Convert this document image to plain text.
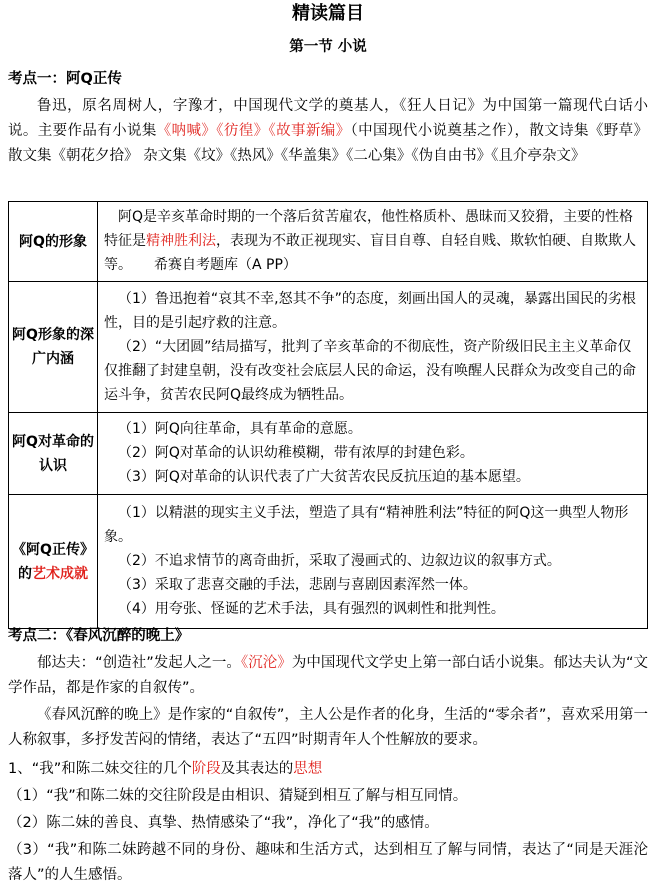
精读篇目
第一节 小说
考点一：阿Q正传
鲁迅，原名周树人，字豫才，中国现代文学的奠基人，《狂人日记》为中国第一篇现代白话小说。主要作品有小说集《呐喊》《彷徨》《故事新编》（中国现代小说奠基之作），散文诗集《野草》 散文集《朝花夕拾》 杂文集《坟》《热风》《华盖集》《二心集》《伪自由书》《且介亭杂文》
阿Q的形象	阿Q是辛亥革命时期的一个落后贫苦雇农，他性格质朴、愚昧而又狡猾，主要的性格特征是精神胜利法，表现为不敢正视现实、盲目自尊、自轻自贱、欺软怕硬、自欺欺人等。 希赛自考题库（A PP）

阿Q形象的深广内涵	（1）鲁迅抱着“哀其不幸,怒其不争”的态度，刻画出国人的灵魂，暴露出国民的劣根性，目的是引起疗救的注意。
（2）“大团圆”结局描写，批判了辛亥革命的不彻底性，资产阶级旧民主主义革命仅仅推翻了封建皇朝，没有改变社会底层人民的命运，没有唤醒人民群众为改变自己的命运斗争，贫苦农民阿Q最终成为牺牲品。

阿Q对革命的认识	（1）阿Q向往革命，具有革命的意愿。
（2）阿Q对革命的认识幼稚模糊，带有浓厚的封建色彩。
（3）阿Q对革命的认识代表了广大贫苦农民反抗压迫的基本愿望。

《阿Q正传》的艺术成就	（1）以精湛的现实主义手法，塑造了具有“精神胜利法”特征的阿Q这一典型人物形象。
（2）不追求情节的离奇曲折，采取了漫画式的、边叙边议的叙事方式。
（3）采取了悲喜交融的手法，悲剧与喜剧因素浑然一体。
（4）用夸张、怪诞的艺术手法，具有强烈的讽刺性和批判性。
考点二：《春风沉醉的晚上》
郁达夫：“创造社”发起人之一。《沉沦》为中国现代文学史上第一部白话小说集。郁达夫认为“文学作品，都是作家的自叙传”。
《春风沉醉的晚上》是作家的“自叙传”，主人公是作者的化身，生活的“零余者”，喜欢采用第一人称叙事，多抒发苦闷的情绪，表达了“五四”时期青年人个性解放的要求。
1、“我”和陈二妹交往的几个阶段及其表达的思想
（1）“我”和陈二妹的交往阶段是由相识、猜疑到相互了解与相互同情。
（2）陈二妹的善良、真挚、热情感染了“我”，净化了“我”的感情。
（3）“我”和陈二妹跨越不同的身份、趣味和生活方式，达到相互了解与同情，表达了“同是天涯沦落人”的人生感悟。
